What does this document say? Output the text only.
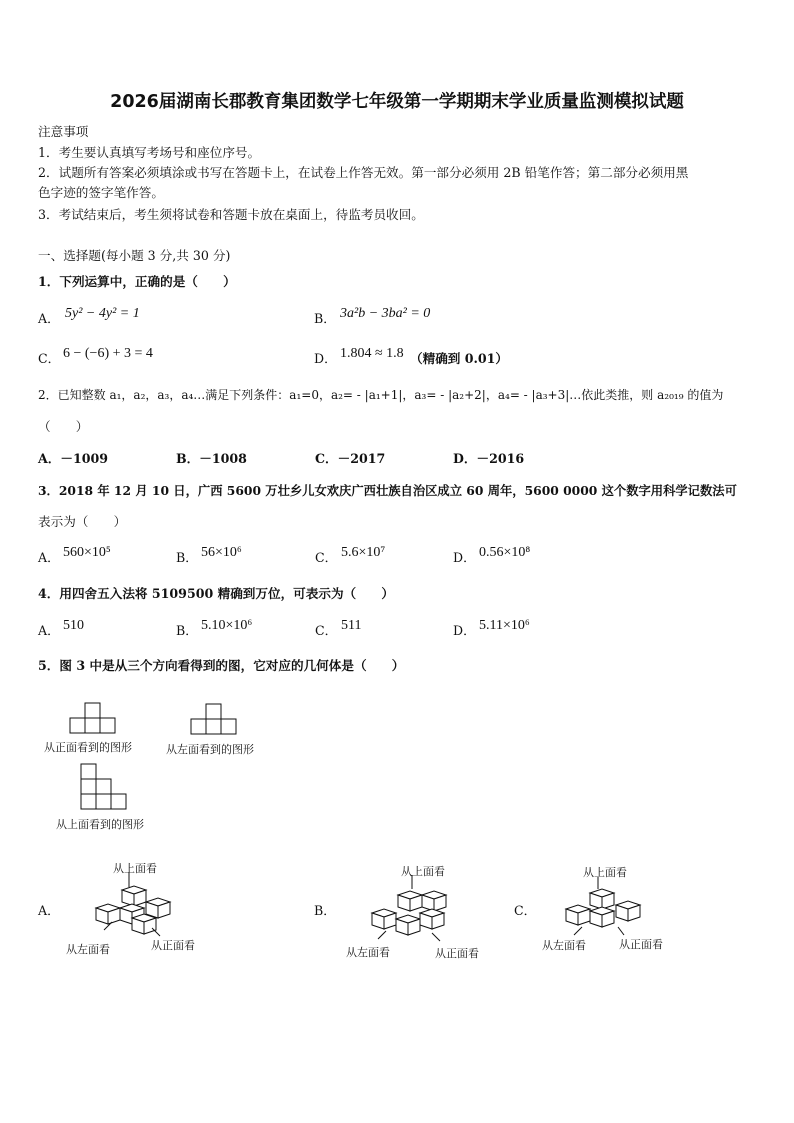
2026届湖南长郡教育集团数学七年级第一学期期末学业质量监测模拟试题
注意事项
1．考生要认真填写考场号和座位序号。
2．试题所有答案必须填涂或书写在答题卡上，在试卷上作答无效。第一部分必须用 2B 铅笔作答；第二部分必须用黑
色字迹的签字笔作答。
3．考试结束后，考生须将试卷和答题卡放在桌面上，待监考员收回。
一、选择题(每小题 3 分,共 30 分)
1．下列运算中，正确的是（　　）
A． 5y² − 4y² = 1	B． 3a²b − 3ba² = 0
C． 6 − (−6) + 3 = 4	D． 1.804 ≈ 1.8 （精确到 0.01）
2．已知整数 a₁，a₂，a₃，a₄…满足下列条件：a₁=0，a₂= - |a₁+1|，a₃= - |a₂+2|，a₄= - |a₃+3|…依此类推，则 a₂₀₁₉ 的值为
（　　）
A．－1009	B．－1008	C．－2017	D．－2016
3．2018 年 12 月 10 日，广西 5600 万壮乡儿女欢庆广西壮族自治区成立 60 周年，5600 0000 这个数字用科学记数法可
表示为（　　）
A． 560×10⁵	B． 56×10⁶	C． 5.6×10⁷	D． 0.56×10⁸
4．用四舍五入法将 5109500 精确到万位，可表示为（　　）
A． 510	B． 5.10×10⁶	C． 511	D． 5.11×10⁶
5．图 3 中是从三个方向看得到的图，它对应的几何体是（　　）
从正面看到的图形	从左面看到的图形
从上面看到的图形
A．
从上面看
从左面看	从正面看
B．
从上面看
从左面看	从正面看
C．
从上面看
从左面看	从正面看
